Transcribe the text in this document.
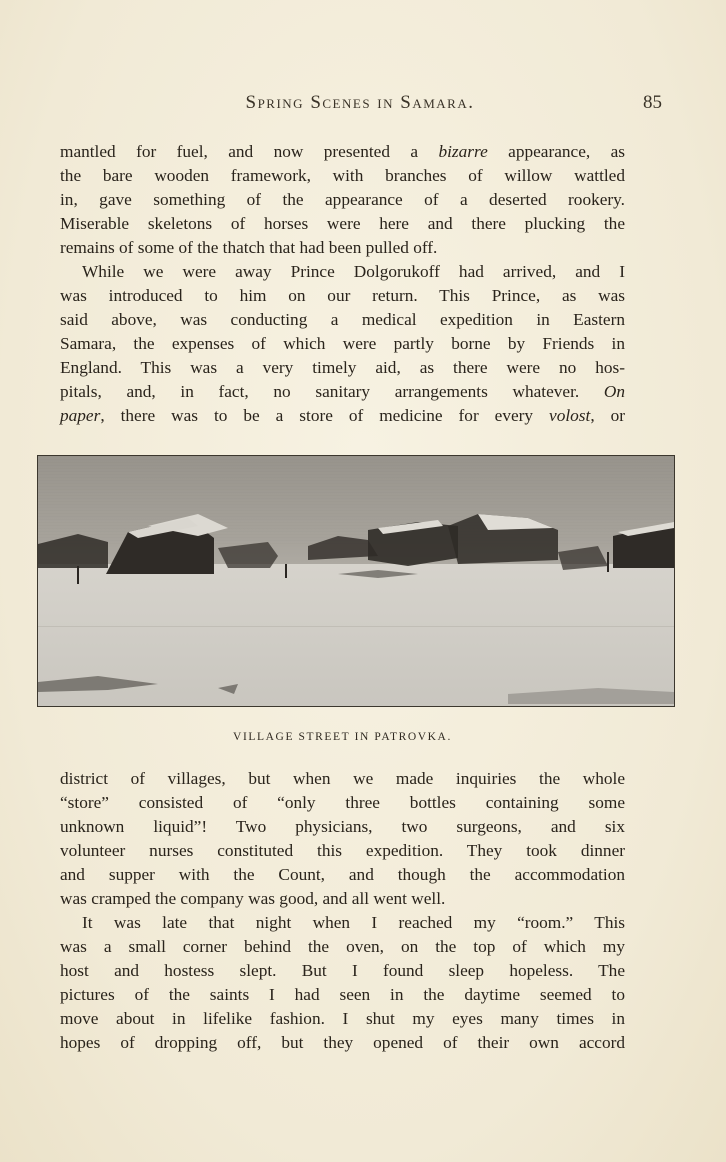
Spring Scenes in Samara.	85
mantled for fuel, and now presented a bizarre appearance, as
the bare wooden framework, with branches of willow wattled
in, gave something of the appearance of a deserted rookery.
Miserable skeletons of horses were here and there plucking the
remains of some of the thatch that had been pulled off.
While we were away Prince Dolgorukoff had arrived, and I
was introduced to him on our return. This Prince, as was
said above, was conducting a medical expedition in Eastern
Samara, the expenses of which were partly borne by Friends in
England. This was a very timely aid, as there were no hos-
pitals, and, in fact, no sanitary arrangements whatever. On
paper, there was to be a store of medicine for every volost, or
VILLAGE STREET IN PATROVKA.
district of villages, but when we made inquiries the whole
“store” consisted of “only three bottles containing some
unknown liquid”! Two physicians, two surgeons, and six
volunteer nurses constituted this expedition. They took dinner
and supper with the Count, and though the accommodation
was cramped the company was good, and all went well.
It was late that night when I reached my “room.” This
was a small corner behind the oven, on the top of which my
host and hostess slept. But I found sleep hopeless. The
pictures of the saints I had seen in the daytime seemed to
move about in lifelike fashion. I shut my eyes many times in
hopes of dropping off, but they opened of their own accord
